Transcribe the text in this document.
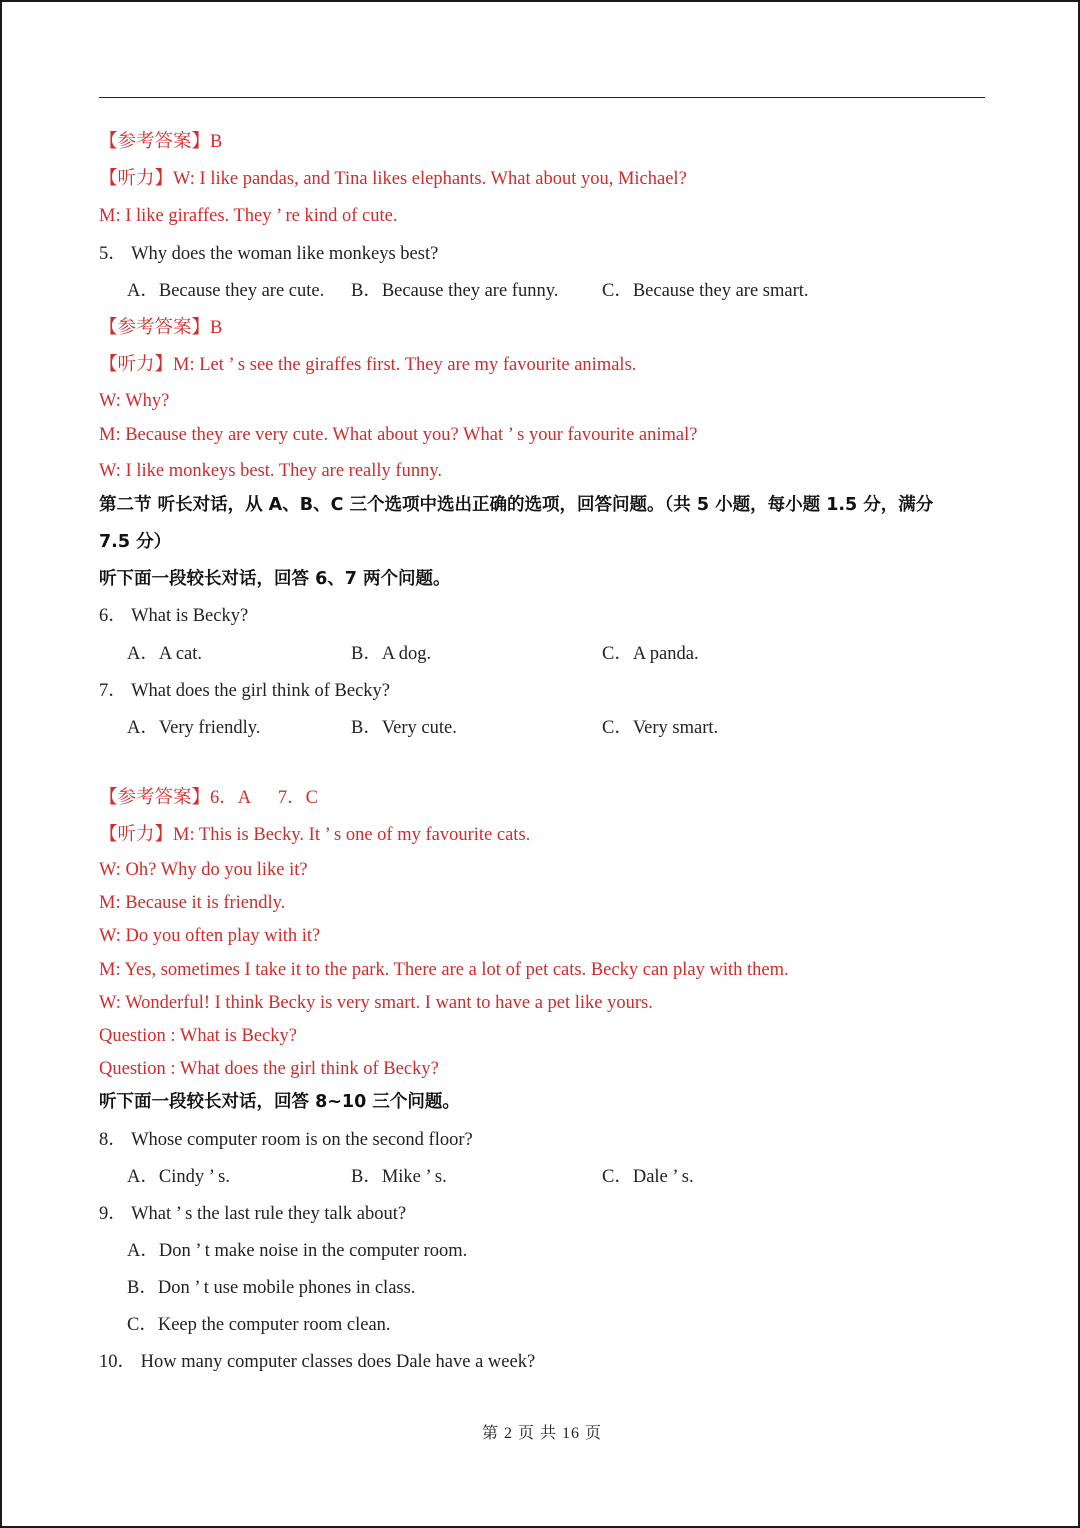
【参考答案】B
【听力】W: I like pandas, and Tina likes elephants. What about you, Michael?
M: I like giraffes. They ’ re kind of cute.
5． Why does the woman like monkeys best?
A．Because they are cute. B．Because they are funny. C．Because they are smart.
【参考答案】B
【听力】M: Let ’ s see the giraffes first. They are my favourite animals.
W: Why?
M: Because they are very cute. What about you? What ’ s your favourite animal?
W: I like monkeys best. They are really funny.
第二节 听长对话，从 A、B、C 三个选项中选出正确的选项，回答问题。（共 5 小题，每小题 1.5 分，满分
7.5 分）
听下面一段较长对话，回答 6、7 两个问题。
6． What is Becky?
A．A cat.	B．A dog.	C．A panda.
7． What does the girl think of Becky?
A．Very friendly.	B．Very cute.	C．Very smart.
【参考答案】6．A      7．C
【听力】M: This is Becky. It ’ s one of my favourite cats.
W: Oh? Why do you like it?
M: Because it is friendly.
W: Do you often play with it?
M: Yes, sometimes I take it to the park. There are a lot of pet cats. Becky can play with them.
W: Wonderful! I think Becky is very smart. I want to have a pet like yours.
Question : What is Becky?
Question : What does the girl think of Becky?
听下面一段较长对话，回答 8~10 三个问题。
8． Whose computer room is on the second floor?
A．Cindy ’ s.	B．Mike ’ s.	C．Dale ’ s.
9． What ’ s the last rule they talk about?
A．Don ’ t make noise in the computer room.
B．Don ’ t use mobile phones in class.
C．Keep the computer room clean.
10． How many computer classes does Dale have a week?
第 2 页 共 16 页
